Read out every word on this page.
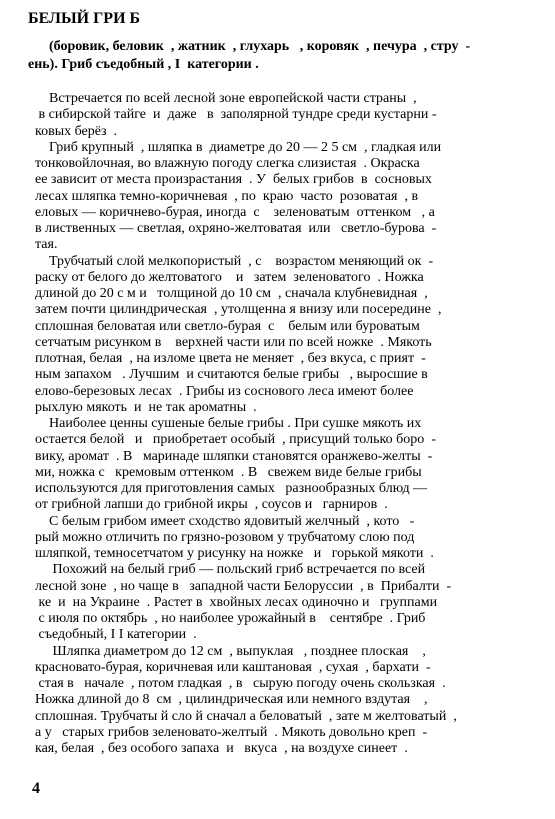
БЕЛЫЙ ГРИ Б
(боровик, беловик  , жатник  , глухарь   , коровяк  , печура  , стру  -
ень). Гриб съедобный , I  категории .
Встречается по всей лесной зоне европейской части страны  ,
в сибирской тайге  и  даже   в  заполярной тундре среди кустарни -
ковых берёз  .
Гриб крупный  , шляпка в  диаметре до 20 — 2 5 см  , гладкая или
тонковойлочная, во влажную погоду слегка слизистая  . Окраска
ее зависит от места произрастания  . У  белых грибов  в  сосновых
лесах шляпка темно-коричневая  , по  краю  часто  розоватая  , в
еловых — коричнево-бурая, иногда  с    зеленоватым  оттенком   , а
в лиственных — светлая, охряно-желтоватая  или   светло-бурова  -
тая.
Трубчатый слой мелкопористый  , с    возрастом меняющий ок  -
раску от белого до желтоватого    и   затем  зеленоватого  . Ножка
длиной до 20 с м и   толщиной до 10 см  , сначала клубневидная  ,
затем почти цилиндрическая  , утолщенна я внизу или посередине  ,
сплошная беловатая или светло-бурая  с    белым или буроватым
сетчатым рисунком в    верхней части или по всей ножке  . Мякоть
плотная, белая  , на изломе цвета не меняет  , без вкуса, с прият  -
ным запахом   . Лучшим  и считаются белые грибы   , выросшие в
елово-березовых лесах  . Грибы из соснового леса имеют более
рыхлую мякоть  и  не так ароматны  .
Наиболее ценны сушеные белые грибы . При сушке мякоть их
остается белой   и   приобретает особый  , присущий только боро  -
вику, аромат  . В   маринаде шляпки становятся оранжево-желты  -
ми, ножка с   кремовым оттенком  . В   свежем виде белые грибы
используются для приготовления самых   разнообразных блюд —
от грибной лапши до грибной икры  , соусов и   гарниров  .
С белым грибом имеет сходство ядовитый желчный  , кото   -
рый можно отличить по грязно-розовом у трубчатому слою под
шляпкой, темносетчатом у рисунку на ножке   и   горькой мякоти  .
Похожий на белый гриб — польский гриб встречается по всей
лесной зоне  , но чаще в   западной части Белоруссии  , в  Прибалти  -
ке  и  на Украине  . Растет в  хвойных лесах одиночно и   группами
с июля по октябрь  , но наиболее урожайный в    сентябре  . Гриб
съедобный, I I категории  .
Шляпка диаметром до 12 см  , выпуклая   , позднее плоская    ,
красновато-бурая, коричневая или каштановая  , сухая  , бархати  -
стая в   начале  , потом гладкая  , в   сырую погоду очень скользкая  .
Ножка длиной до 8  см  , цилиндрическая или немного вздутая    ,
сплошная. Трубчаты й сло й сначал а беловатый  , зате м желтоватый  ,
а у   старых грибов зеленовато-желтый  . Мякоть довольно креп  -
кая, белая  , без особого запаха  и   вкуса  , на воздухе синеет  .
4
